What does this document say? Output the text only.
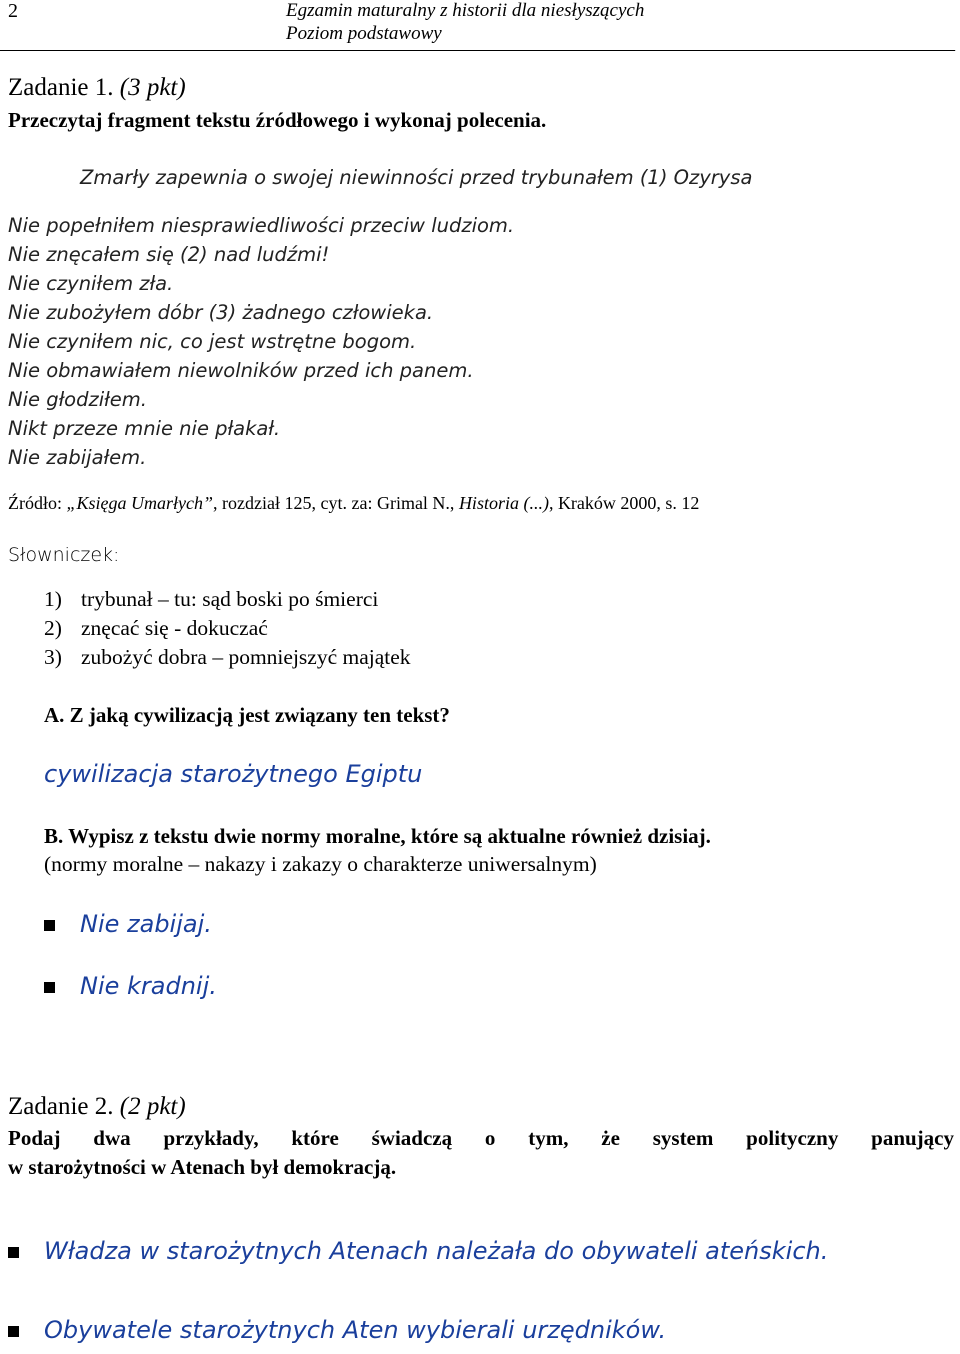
2	Egzamin maturalny z historii dla niesłyszących
Poziom podstawowy
Zadanie 1. (3 pkt)
Przeczytaj fragment tekstu źródłowego i wykonaj polecenia.
Zmarły zapewnia o swojej niewinności przed trybunałem (1) Ozyrysa
Nie popełniłem niesprawiedliwości przeciw ludziom.
Nie znęcałem się (2) nad ludźmi!
Nie czyniłem zła.
Nie zubożyłem dóbr (3) żadnego człowieka.
Nie czyniłem nic, co jest wstrętne bogom.
Nie obmawiałem niewolników przed ich panem.
Nie głodziłem.
Nikt przeze mnie nie płakał.
Nie zabijałem.
Źródło: „Księga Umarłych”, rozdział 125, cyt. za: Grimal N., Historia (...), Kraków 2000, s. 12
Słowniczek:
1) trybunał – tu: sąd boski po śmierci
2) znęcać się - dokuczać
3) zubożyć dobra – pomniejszyć majątek
A. Z jaką cywilizacją jest związany ten tekst?
cywilizacja starożytnego Egiptu
B. Wypisz z tekstu dwie normy moralne, które są aktualne również dzisiaj.
(normy moralne – nakazy i zakazy o charakterze uniwersalnym)
Nie zabijaj.
Nie kradnij.
Zadanie 2. (2 pkt)
Podaj dwa przykłady, które świadczą o tym, że system polityczny panujący
w starożytności w Atenach był demokracją.
Władza w starożytnych Atenach należała do obywateli ateńskich.
Obywatele starożytnych Aten wybierali urzędników.
